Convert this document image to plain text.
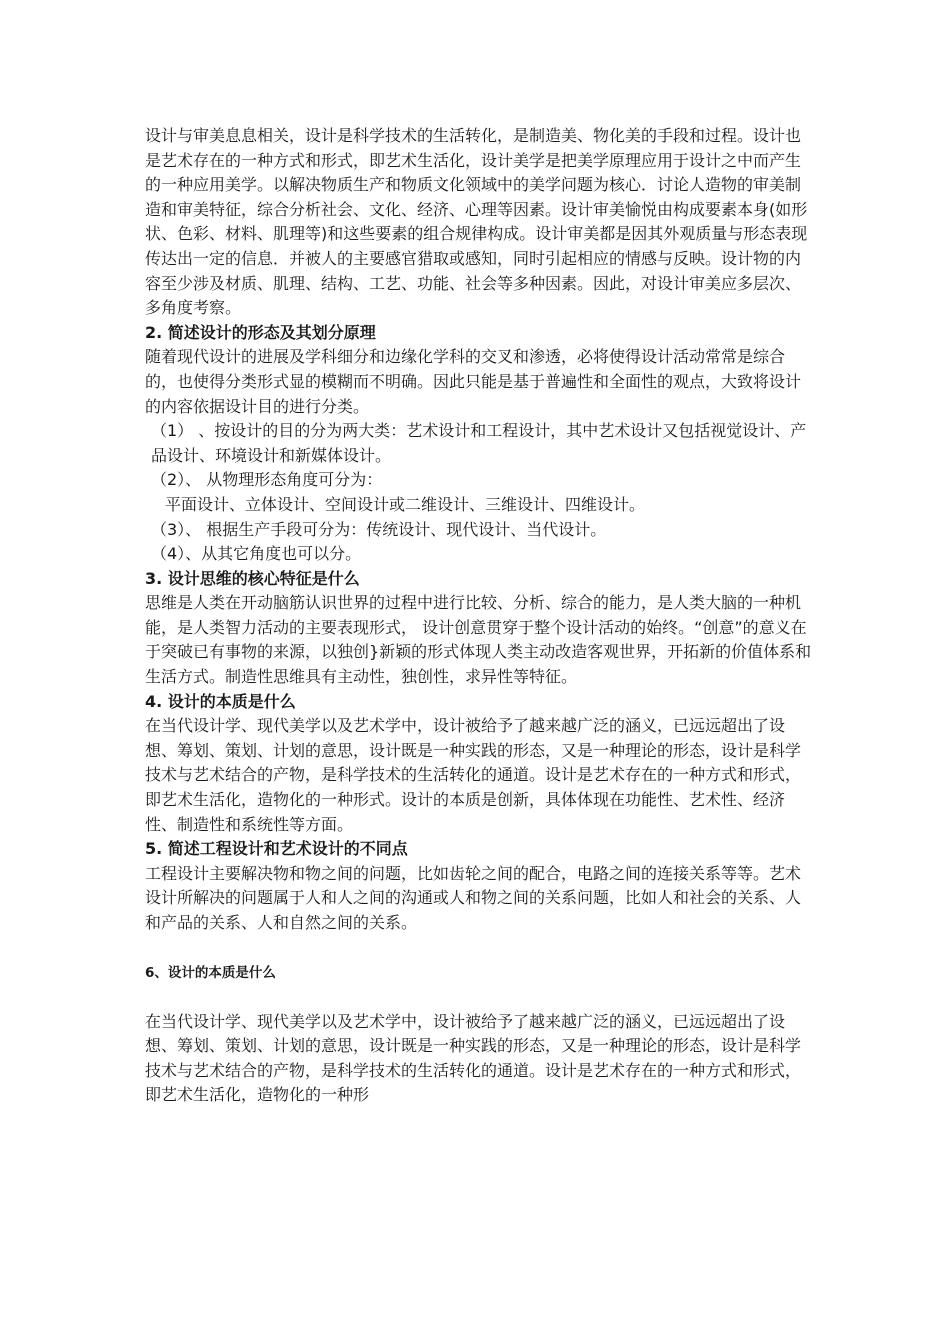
设计与审美息息相关，设计是科学技术的生活转化，是制造美、物化美的手段和过程。设计也是艺术存在的一种方式和形式，即艺术生活化，设计美学是把美学原理应用于设计之中而产生的一种应用美学。以解决物质生产和物质文化领域中的美学问题为核心．讨论人造物的审美制造和审美特征，综合分析社会、文化、经济、心理等因素。设计审美愉悦由构成要素本身(如形状、色彩、材料、肌理等)和这些要素的组合规律构成。设计审美都是因其外观质量与形态表现传达出一定的信息．并被人的主要感官猎取或感知，同时引起相应的情感与反映。设计物的内容至少涉及材质、肌理、结构、工艺、功能、社会等多种因素。因此，对设计审美应多层次、多角度考察。

2. 简述设计的形态及其划分原理

随着现代设计的进展及学科细分和边缘化学科的交叉和渗透，必将使得设计活动常常是综合的，也使得分类形式显的模糊而不明确。因此只能是基于普遍性和全面性的观点，大致将设计的内容依据设计目的进行分类。

（1） 、按设计的目的分为两大类：艺术设计和工程设计，其中艺术设计又包括视觉设计、产品设计、环境设计和新媒体设计。

（2）、 从物理形态角度可分为：

平面设计、立体设计、空间设计或二维设计、三维设计、四维设计。

（3）、 根据生产手段可分为：传统设计、现代设计、当代设计。

（4）、从其它角度也可以分。

3. 设计思维的核心特征是什么

思维是人类在开动脑筋认识世界的过程中进行比较、分析、综合的能力，是人类大脑的一种机能，是人类智力活动的主要表现形式， 设计创意贯穿于整个设计活动的始终。“创意”的意义在于突破已有事物的来源，以独创}新颖的形式体现人类主动改造客观世界，开拓新的价值体系和生活方式。制造性思维具有主动性，独创性，求异性等特征。

4. 设计的本质是什么

在当代设计学、现代美学以及艺术学中，设计被给予了越来越广泛的涵义，已远远超出了设想、筹划、策划、计划的意思，设计既是一种实践的形态，又是一种理论的形态，设计是科学技术与艺术结合的产物，是科学技术的生活转化的通道。设计是艺术存在的一种方式和形式，即艺术生活化，造物化的一种形式。设计的本质是创新，具体体现在功能性、艺术性、经济性、制造性和系统性等方面。

5. 简述工程设计和艺术设计的不同点

工程设计主要解决物和物之间的问题，比如齿轮之间的配合，电路之间的连接关系等等。艺术设计所解决的问题属于人和人之间的沟通或人和物之间的关系问题，比如人和社会的关系、人和产品的关系、人和自然之间的关系。

6、设计的本质是什么

在当代设计学、现代美学以及艺术学中，设计被给予了越来越广泛的涵义，已远远超出了设想、筹划、策划、计划的意思，设计既是一种实践的形态，又是一种理论的形态，设计是科学技术与艺术结合的产物，是科学技术的生活转化的通道。设计是艺术存在的一种方式和形式，即艺术生活化，造物化的一种形
